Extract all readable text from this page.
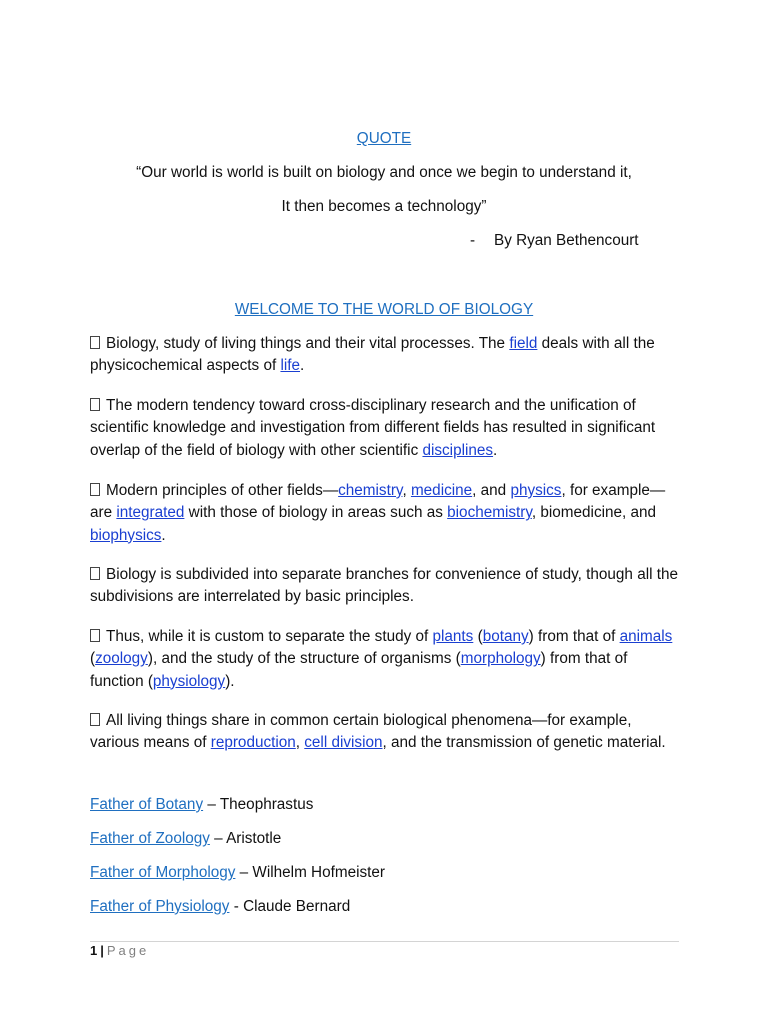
QUOTE
“Our world is world is built on biology and once we begin to understand it,
It then becomes a technology”
- By Ryan Bethencourt
WELCOME TO THE WORLD OF BIOLOGY
Biology, study of living things and their vital processes. The field deals with all the physicochemical aspects of life.
The modern tendency toward cross-disciplinary research and the unification of scientific knowledge and investigation from different fields has resulted in significant overlap of the field of biology with other scientific disciplines.
Modern principles of other fields—chemistry, medicine, and physics, for example—are integrated with those of biology in areas such as biochemistry, biomedicine, and biophysics.
Biology is subdivided into separate branches for convenience of study, though all the subdivisions are interrelated by basic principles.
Thus, while it is custom to separate the study of plants (botany) from that of animals (zoology), and the study of the structure of organisms (morphology) from that of function (physiology).
All living things share in common certain biological phenomena—for example, various means of reproduction, cell division, and the transmission of genetic material.
Father of Botany – Theophrastus
Father of Zoology – Aristotle
Father of Morphology – Wilhelm Hofmeister
Father of Physiology - Claude Bernard
1 | Page
